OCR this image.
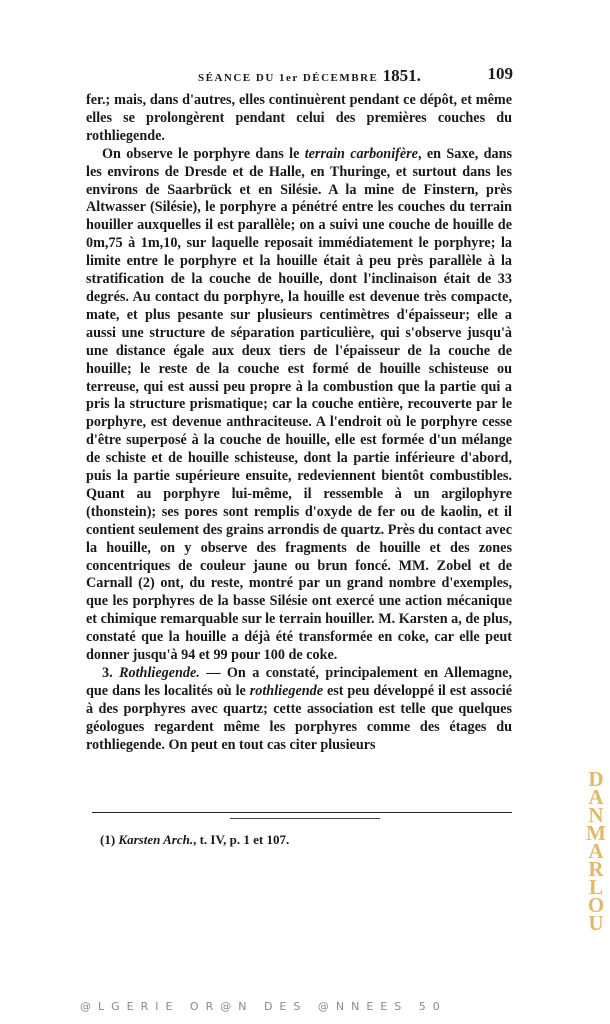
SÉANCE DU 1er DÉCEMBRE 1851.	109

fer.; mais, dans d'autres, elles continuèrent pendant ce dépôt, et même elles se prolongèrent pendant celui des premières couches du rothliegende.

On observe le porphyre dans le terrain carbonifère, en Saxe, dans les environs de Dresde et de Halle, en Thuringe, et surtout dans les environs de Saarbrück et en Silésie. A la mine de Finstern, près Altwasser (Silésie), le porphyre a pénétré entre les couches du terrain houiller auxquelles il est parallèle; on a suivi une couche de houille de 0m,75 à 1m,10, sur laquelle reposait immédiatement le porphyre; la limite entre le porphyre et la houille était à peu près parallèle à la stratification de la couche de houille, dont l'inclinaison était de 33 degrés. Au contact du porphyre, la houille est devenue très compacte, mate, et plus pesante sur plusieurs centimètres d'épaisseur; elle a aussi une structure de séparation particulière, qui s'observe jusqu'à une distance égale aux deux tiers de l'épaisseur de la couche de houille; le reste de la couche est formé de houille schisteuse ou terreuse, qui est aussi peu propre à la combustion que la partie qui a pris la structure prismatique; car la couche entière, recouverte par le porphyre, est devenue anthraciteuse. A l'endroit où le porphyre cesse d'être superposé à la couche de houille, elle est formée d'un mélange de schiste et de houille schisteuse, dont la partie inférieure d'abord, puis la partie supérieure ensuite, redeviennent bientôt combustibles. Quant au porphyre lui-même, il ressemble à un argilophyre (thonstein); ses pores sont remplis d'oxyde de fer ou de kaolin, et il contient seulement des grains arrondis de quartz. Près du contact avec la houille, on y observe des fragments de houille et des zones concentriques de couleur jaune ou brun foncé. MM. Zobel et de Carnall (2) ont, du reste, montré par un grand nombre d'exemples, que les porphyres de la basse Silésie ont exercé une action mécanique et chimique remarquable sur le terrain houiller. M. Karsten a, de plus, constaté que la houille a déjà été transformée en coke, car elle peut donner jusqu'à 94 et 99 pour 100 de coke.

3. Rothliegende. — On a constaté, principalement en Allemagne, que dans les localités où le rothliegende est peu développé il est associé à des porphyres avec quartz; cette association est telle que quelques géologues regardent même les porphyres comme des étages du rothliegende. On peut en tout cas citer plusieurs

(1) Karsten Arch., t. IV, p. 1 et 107.
DANMARLOU
@LGERIE OR@N DES @NNEES 50
